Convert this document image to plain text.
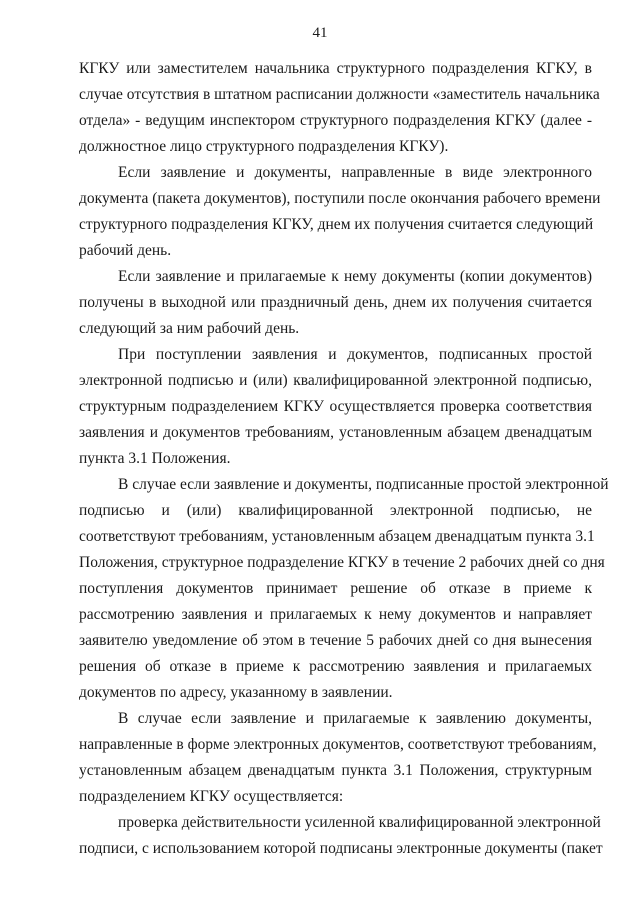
41
КГКУ или заместителем начальника структурного подразделения КГКУ, в
случае отсутствия в штатном расписании должности «заместитель начальника
отдела» - ведущим инспектором структурного подразделения КГКУ (далее -
должностное лицо структурного подразделения КГКУ).
Если заявление и документы, направленные в виде электронного
документа (пакета документов), поступили после окончания рабочего времени
структурного подразделения КГКУ, днем их получения считается следующий
рабочий день.
Если заявление и прилагаемые к нему документы (копии документов)
получены в выходной или праздничный день, днем их получения считается
следующий за ним рабочий день.
При поступлении заявления и документов, подписанных простой
электронной подписью и (или) квалифицированной электронной подписью,
структурным подразделением КГКУ осуществляется проверка соответствия
заявления и документов требованиям, установленным абзацем двенадцатым
пункта 3.1 Положения.
В случае если заявление и документы, подписанные простой электронной
подписью и (или) квалифицированной электронной подписью, не
соответствуют требованиям, установленным абзацем двенадцатым пункта 3.1
Положения, структурное подразделение КГКУ в течение 2 рабочих дней со дня
поступления документов принимает решение об отказе в приеме к
рассмотрению заявления и прилагаемых к нему документов и направляет
заявителю уведомление об этом в течение 5 рабочих дней со дня вынесения
решения об отказе в приеме к рассмотрению заявления и прилагаемых
документов по адресу, указанному в заявлении.
В случае если заявление и прилагаемые к заявлению документы,
направленные в форме электронных документов, соответствуют требованиям,
установленным абзацем двенадцатым пункта 3.1 Положения, структурным
подразделением КГКУ осуществляется:
проверка действительности усиленной квалифицированной электронной
подписи, с использованием которой подписаны электронные документы (пакет
